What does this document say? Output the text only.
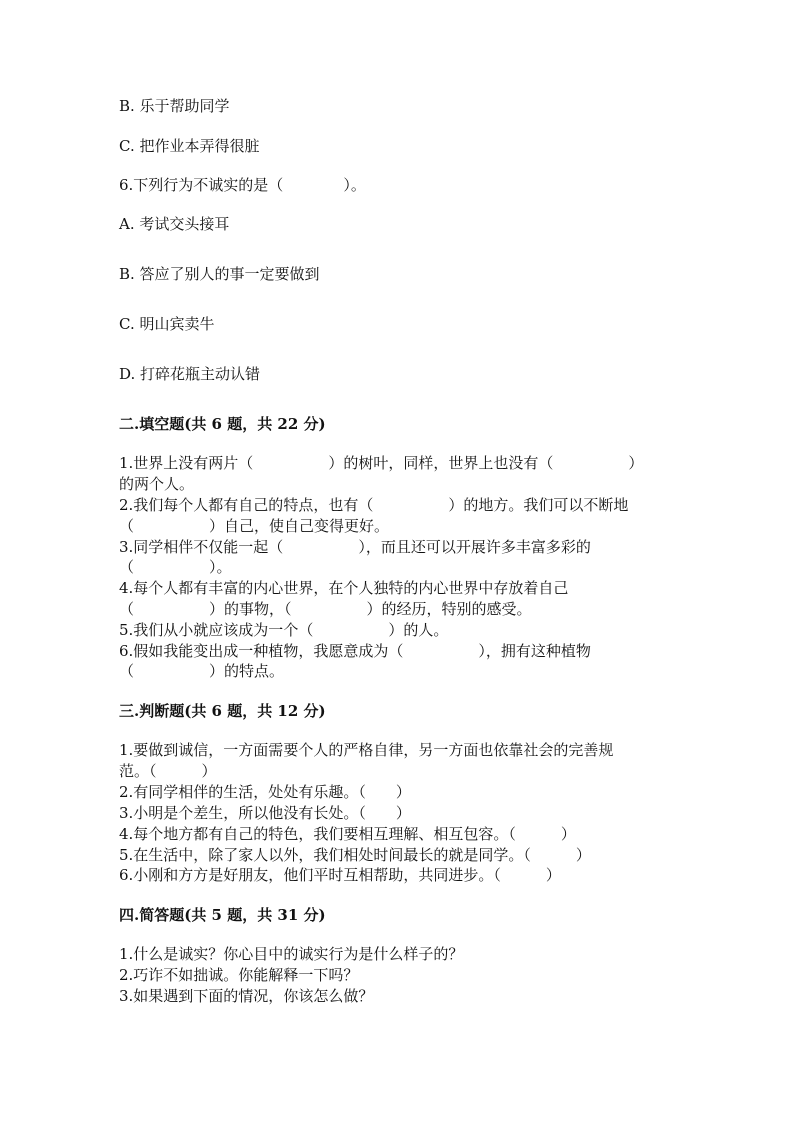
B. 乐于帮助同学
C. 把作业本弄得很脏
6.下列行为不诚实的是（　　　　）。
A. 考试交头接耳
B. 答应了别人的事一定要做到
C. 明山宾卖牛
D. 打碎花瓶主动认错
二.填空题(共 6 题，共 22 分)
1.世界上没有两片（　　　　　）的树叶，同样，世界上也没有（　　　　　）
的两个人。
2.我们每个人都有自己的特点，也有（　　　　　）的地方。我们可以不断地
（　　　　　）自己，使自己变得更好。
3.同学相伴不仅能一起（　　　　　），而且还可以开展许多丰富多彩的
（　　　　　）。
4.每个人都有丰富的内心世界，在个人独特的内心世界中存放着自己
（　　　　　）的事物，（　　　　　）的经历，特别的感受。
5.我们从小就应该成为一个（　　　　　）的人。
6.假如我能变出成一种植物，我愿意成为（　　　　　），拥有这种植物
（　　　　　）的特点。
三.判断题(共 6 题，共 12 分)
1.要做到诚信，一方面需要个人的严格自律，另一方面也依靠社会的完善规
范。（　　　）
2.有同学相伴的生活，处处有乐趣。（　　）
3.小明是个差生，所以他没有长处。（　　）
4.每个地方都有自己的特色，我们要相互理解、相互包容。（　　　）
5.在生活中，除了家人以外，我们相处时间最长的就是同学。（　　　）
6.小刚和方方是好朋友，他们平时互相帮助，共同进步。（　　　）
四.简答题(共 5 题，共 31 分)
1.什么是诚实？你心目中的诚实行为是什么样子的？
2.巧诈不如拙诚。你能解释一下吗？
3.如果遇到下面的情况，你该怎么做？
